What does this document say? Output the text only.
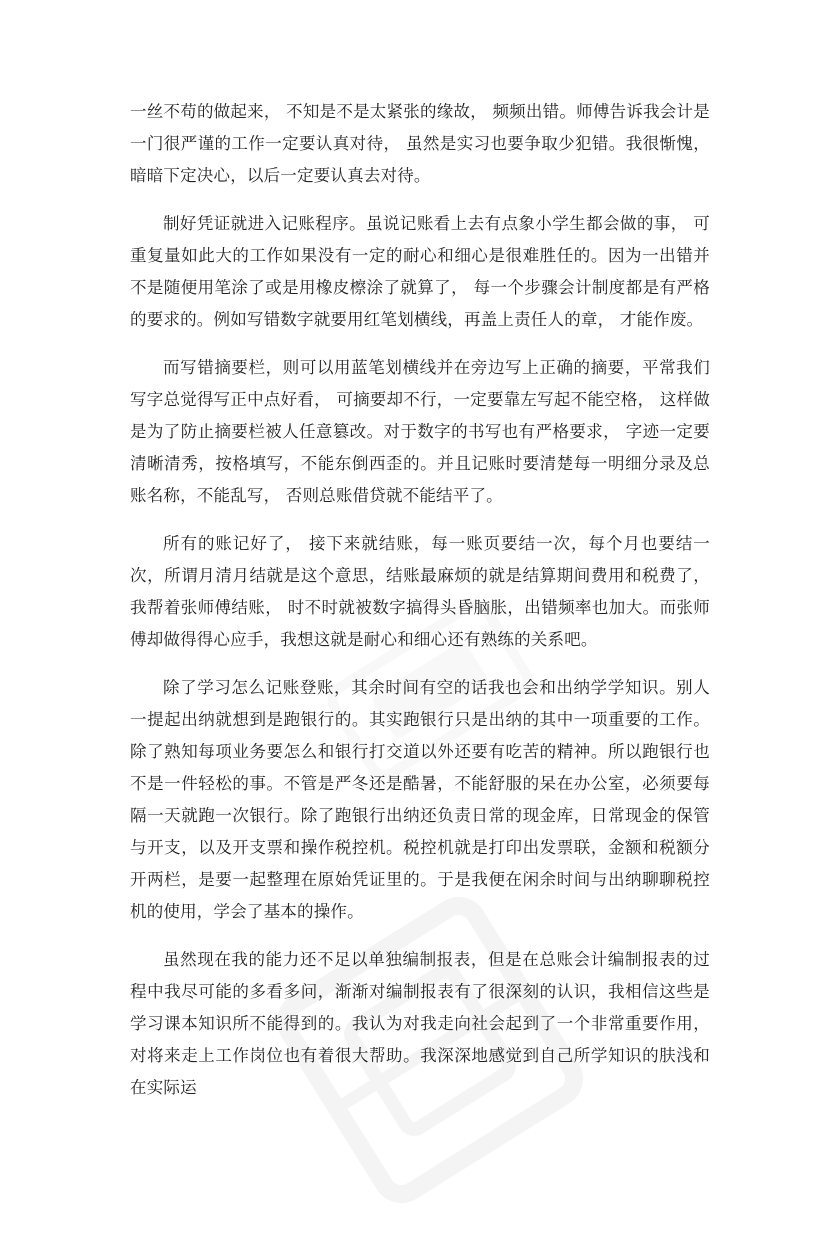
一丝不苟的做起来， 不知是不是太紧张的缘故， 频频出错。师傅告诉我会计是一门很严谨的工作一定要认真对待， 虽然是实习也要争取少犯错。我很惭愧， 暗暗下定决心，以后一定要认真去对待。

制好凭证就进入记账程序。虽说记账看上去有点象小学生都会做的事， 可重复量如此大的工作如果没有一定的耐心和细心是很难胜任的。因为一出错并不是随便用笔涂了或是用橡皮檫涂了就算了， 每一个步骤会计制度都是有严格的要求的。例如写错数字就要用红笔划横线，再盖上责任人的章， 才能作废。

而写错摘要栏，则可以用蓝笔划横线并在旁边写上正确的摘要，平常我们写字总觉得写正中点好看， 可摘要却不行，一定要靠左写起不能空格， 这样做是为了防止摘要栏被人任意篡改。对于数字的书写也有严格要求， 字迹一定要清晰清秀，按格填写，不能东倒西歪的。并且记账时要清楚每一明细分录及总账名称，不能乱写， 否则总账借贷就不能结平了。

所有的账记好了， 接下来就结账，每一账页要结一次，每个月也要结一次，所谓月清月结就是这个意思，结账最麻烦的就是结算期间费用和税费了，我帮着张师傅结账， 时不时就被数字搞得头昏脑胀，出错频率也加大。而张师傅却做得得心应手，我想这就是耐心和细心还有熟练的关系吧。

除了学习怎么记账登账，其余时间有空的话我也会和出纳学学知识。别人一提起出纳就想到是跑银行的。其实跑银行只是出纳的其中一项重要的工作。除了熟知每项业务要怎么和银行打交道以外还要有吃苦的精神。所以跑银行也不是一件轻松的事。不管是严冬还是酷暑，不能舒服的呆在办公室，必须要每隔一天就跑一次银行。除了跑银行出纳还负责日常的现金库，日常现金的保管与开支，以及开支票和操作税控机。税控机就是打印出发票联，金额和税额分开两栏，是要一起整理在原始凭证里的。于是我便在闲余时间与出纳聊聊税控机的使用，学会了基本的操作。

虽然现在我的能力还不足以单独编制报表，但是在总账会计编制报表的过程中我尽可能的多看多问，渐渐对编制报表有了很深刻的认识，我相信这些是学习课本知识所不能得到的。我认为对我走向社会起到了一个非常重要作用， 对将来走上工作岗位也有着很大帮助。我深深地感觉到自己所学知识的肤浅和在实际运
